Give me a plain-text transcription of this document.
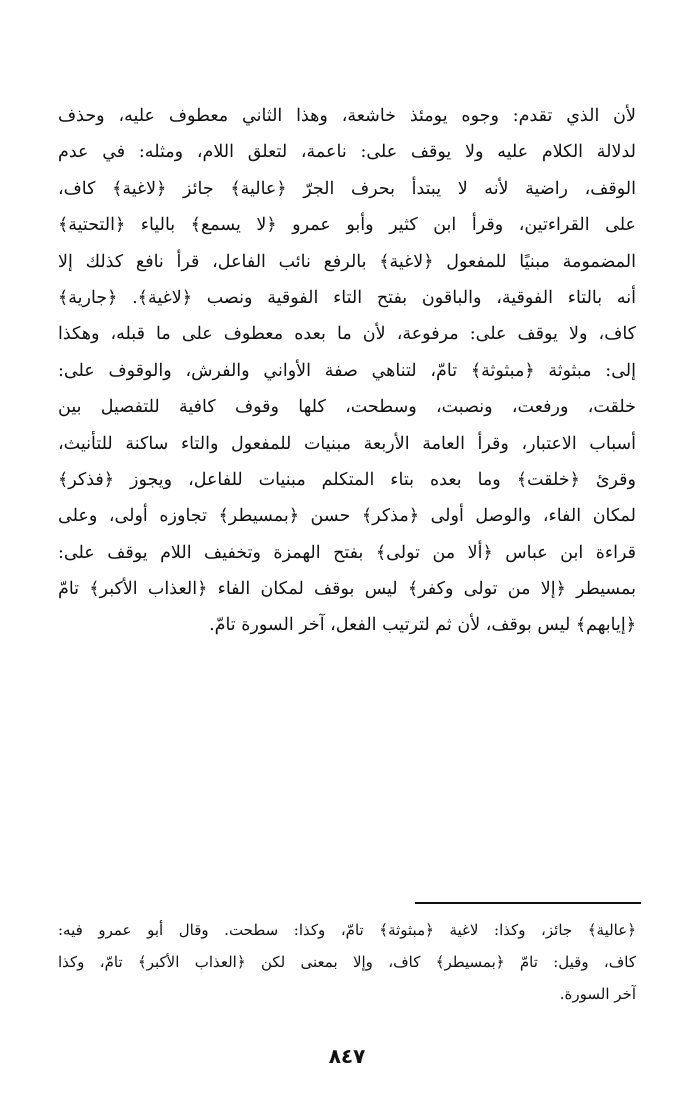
لأن الذي تقدم: وجوه يومئذ خاشعة، وهذا الثاني معطوف عليه، وحذف
لدلالة الكلام عليه ولا يوقف على: ناعمة، لتعلق اللام، ومثله: في عدم
الوقف، راضية لأنه لا يبتدأ بحرف الجرّ ﴿عالية﴾ جائز ﴿لاغية﴾ كاف،
على القراءتين، وقرأ ابن كثير وأبو عمرو ﴿لا يسمع﴾ بالياء ﴿التحتية﴾
المضمومة مبنيًا للمفعول ﴿لاغية﴾ بالرفع نائب الفاعل، قرأ نافع كذلك إلا
أنه بالتاء الفوقية، والباقون بفتح التاء الفوقية ونصب ﴿لاغية﴾. ﴿جارية﴾
كاف، ولا يوقف على: مرفوعة، لأن ما بعده معطوف على ما قبله، وهكذا
إلى: مبثوثة ﴿مبثوثة﴾ تامّ، لتناهي صفة الأواني والفرش، والوقوف على:
خلقت، ورفعت، ونصبت، وسطحت، كلها وقوف كافية للتفصيل بين
أسباب الاعتبار، وقرأ العامة الأربعة مبنيات للمفعول والتاء ساكنة للتأنيث،
وقرئ ﴿خلقت﴾ وما بعده بتاء المتكلم مبنيات للفاعل، ويجوز ﴿فذكر﴾
لمكان الفاء، والوصل أولى ﴿مذكر﴾ حسن ﴿بمسيطر﴾ تجاوزه أولى، وعلى
قراءة ابن عباس ﴿ألا من تولى﴾ بفتح الهمزة وتخفيف اللام يوقف على:
بمسيطر ﴿إلا من تولى وكفر﴾ ليس بوقف لمكان الفاء ﴿العذاب الأكبر﴾ تامّ
﴿إيابهم﴾ ليس بوقف، لأن ثم لترتيب الفعل، آخر السورة تامّ.
﴿عالية﴾ جائز، وكذا: لاغية ﴿مبثوثة﴾ تامّ، وكذا: سطحت. وقال أبو عمرو فيه:
كاف، وقيل: تامّ ﴿بمسيطر﴾ كاف، وإلا بمعنى لكن ﴿العذاب الأكبر﴾ تامّ، وكذا
آخر السورة.
٨٤٧
